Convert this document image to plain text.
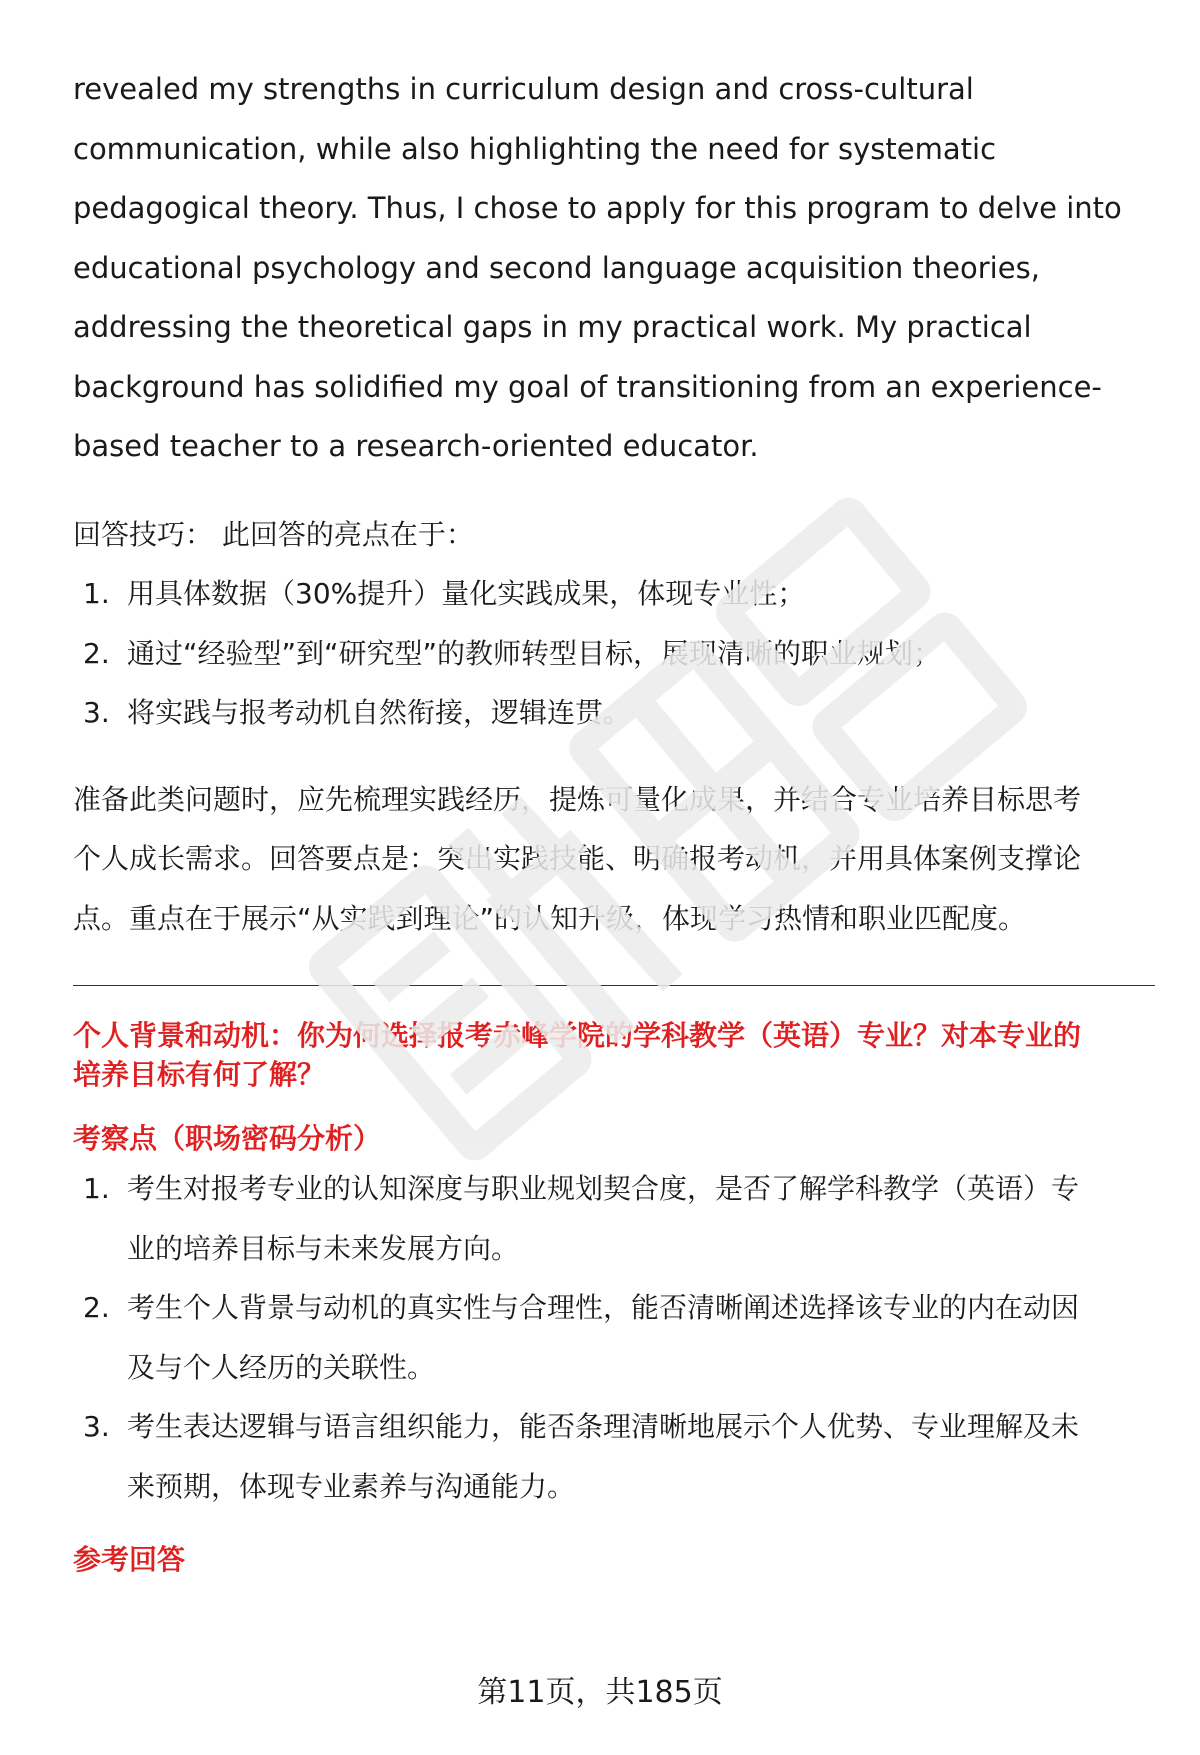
revealed my strengths in curriculum design and cross-cultural
communication, while also highlighting the need for systematic
pedagogical theory. Thus, I chose to apply for this program to delve into
educational psychology and second language acquisition theories,
addressing the theoretical gaps in my practical work. My practical
background has solidified my goal of transitioning from an experience-
based teacher to a research-oriented educator.

回答技巧： 此回答的亮点在于：

1. 用具体数据（30%提升）量化实践成果，体现专业性；
2. 通过“经验型”到“研究型”的教师转型目标，展现清晰的职业规划；
3. 将实践与报考动机自然衔接，逻辑连贯。
准备此类问题时，应先梳理实践经历，提炼可量化成果，并结合专业培养目标思考
个人成长需求。回答要点是：突出实践技能、明确报考动机，并用具体案例支撑论
点。重点在于展示“从实践到理论”的认知升级，体现学习热情和职业匹配度。
个人背景和动机：你为何选择报考赤峰学院的学科教学（英语）专业？对本专业的
培养目标有何了解？
考察点（职场密码分析）
1. 考生对报考专业的认知深度与职业规划契合度，是否了解学科教学（英语）专
业的培养目标与未来发展方向。
2. 考生个人背景与动机的真实性与合理性，能否清晰阐述选择该专业的内在动因
及与个人经历的关联性。
3. 考生表达逻辑与语言组织能力，能否条理清晰地展示个人优势、专业理解及未
来预期，体现专业素养与沟通能力。
参考回答
第11页，共185页
